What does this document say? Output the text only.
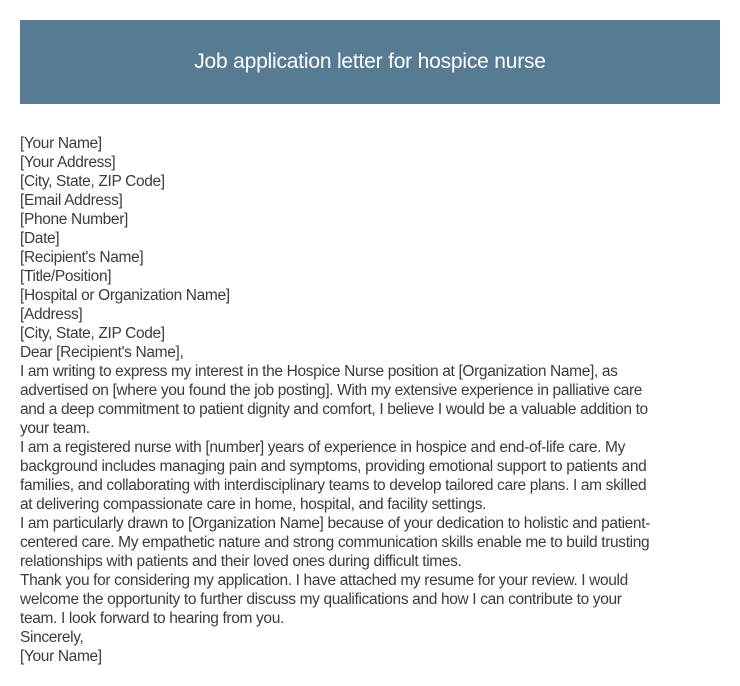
Job application letter for hospice nurse
[Your Name]
[Your Address]
[City, State, ZIP Code]
[Email Address]
[Phone Number]
[Date]
[Recipient's Name]
[Title/Position]
[Hospital or Organization Name]
[Address]
[City, State, ZIP Code]
Dear [Recipient's Name],
I am writing to express my interest in the Hospice Nurse position at [Organization Name], as
advertised on [where you found the job posting]. With my extensive experience in palliative care
and a deep commitment to patient dignity and comfort, I believe I would be a valuable addition to
your team.
I am a registered nurse with [number] years of experience in hospice and end-of-life care. My
background includes managing pain and symptoms, providing emotional support to patients and
families, and collaborating with interdisciplinary teams to develop tailored care plans. I am skilled
at delivering compassionate care in home, hospital, and facility settings.
I am particularly drawn to [Organization Name] because of your dedication to holistic and patient-
centered care. My empathetic nature and strong communication skills enable me to build trusting
relationships with patients and their loved ones during difficult times.
Thank you for considering my application. I have attached my resume for your review. I would
welcome the opportunity to further discuss my qualifications and how I can contribute to your
team. I look forward to hearing from you.
Sincerely,
[Your Name]
